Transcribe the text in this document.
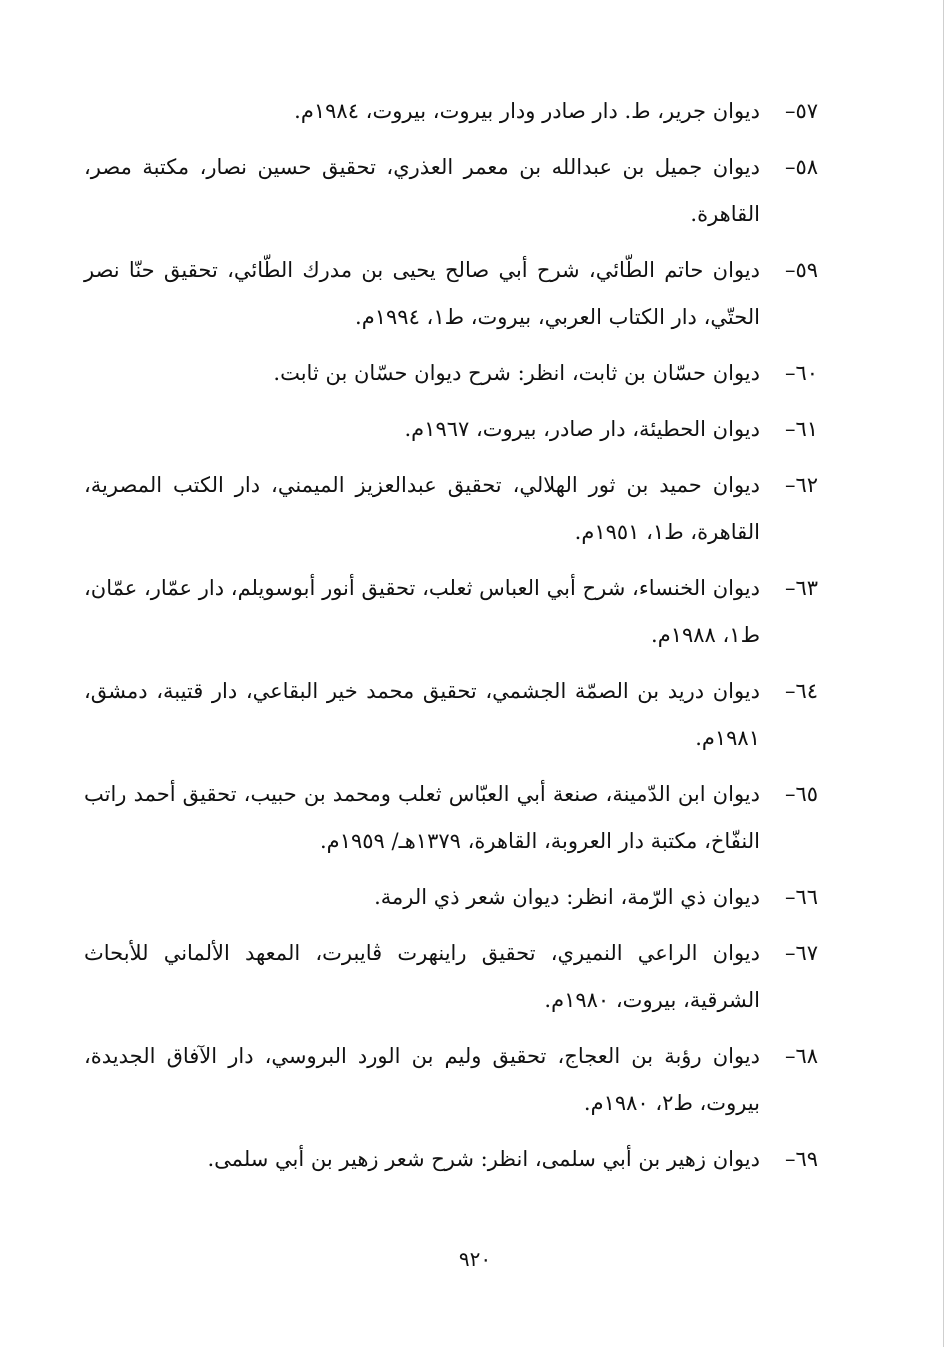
٥٧–
ديوان جرير، ط. دار صادر ودار بيروت، بيروت، ١٩٨٤م.
٥٨–
ديوان جميل بن عبدالله بن معمر العذري، تحقيق حسين نصار، مكتبة مصر، القاهرة.
٥٩–
ديوان حاتم الطّائي، شرح أبي صالح يحيى بن مدرك الطّائي، تحقيق حنّا نصر الحتّي، دار الكتاب العربي، بيروت، ط١، ١٩٩٤م.
٦٠–
ديوان حسّان بن ثابت، انظر: شرح ديوان حسّان بن ثابت.
٦١–
ديوان الحطيئة، دار صادر، بيروت، ١٩٦٧م.
٦٢–
ديوان حميد بن ثور الهلالي، تحقيق عبدالعزيز الميمني، دار الكتب المصرية، القاهرة، ط١، ١٩٥١م.
٦٣–
ديوان الخنساء، شرح أبي العباس ثعلب، تحقيق أنور أبوسويلم، دار عمّار، عمّان، ط١، ١٩٨٨م.
٦٤–
ديوان دريد بن الصمّة الجشمي، تحقيق محمد خير البقاعي، دار قتيبة، دمشق، ١٩٨١م.
٦٥–
ديوان ابن الدّمينة، صنعة أبي العبّاس ثعلب ومحمد بن حبيب، تحقيق أحمد راتب النفّاخ، مكتبة دار العروبة، القاهرة، ١٣٧٩هـ/ ١٩٥٩م.
٦٦–
ديوان ذي الرّمة، انظر: ديوان شعر ذي الرمة.
٦٧–
ديوان الراعي النميري، تحقيق راينهرت ڤايبرت، المعهد الألماني للأبحاث الشرقية، بيروت، ١٩٨٠م.
٦٨–
ديوان رؤبة بن العجاج، تحقيق وليم بن الورد البروسي، دار الآفاق الجديدة، بيروت، ط٢، ١٩٨٠م.
٦٩–
ديوان زهير بن أبي سلمى، انظر: شرح شعر زهير بن أبي سلمى.
٩٢٠
